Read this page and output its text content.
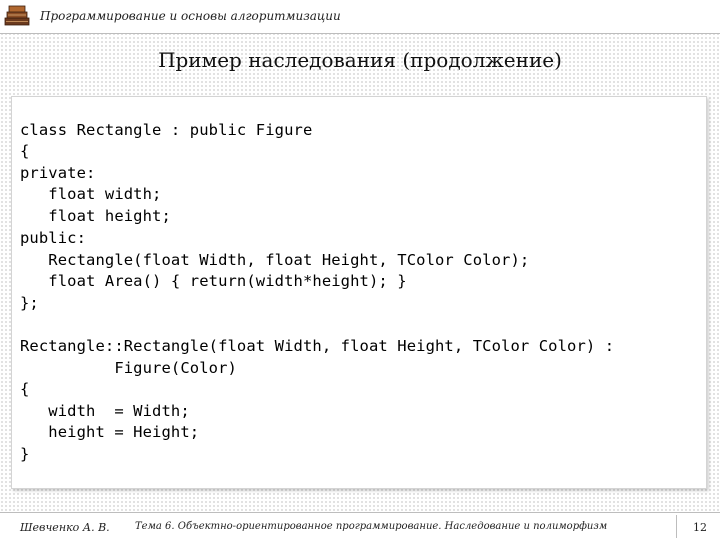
Программирование и основы алгоритмизации
Пример наследования (продолжение)
class Rectangle : public Figure
{
private:
float width;
float height;
public:
Rectangle(float Width, float Height, TColor Color);
float Area() { return(width*height); }
};
Rectangle::Rectangle(float Width, float Height, TColor Color) :
Figure(Color)
{
width  = Width;
height = Height;
}
Шевченко А. В.	Тема 6. Объектно-ориентированное программирование. Наследование и полиморфизм	12
